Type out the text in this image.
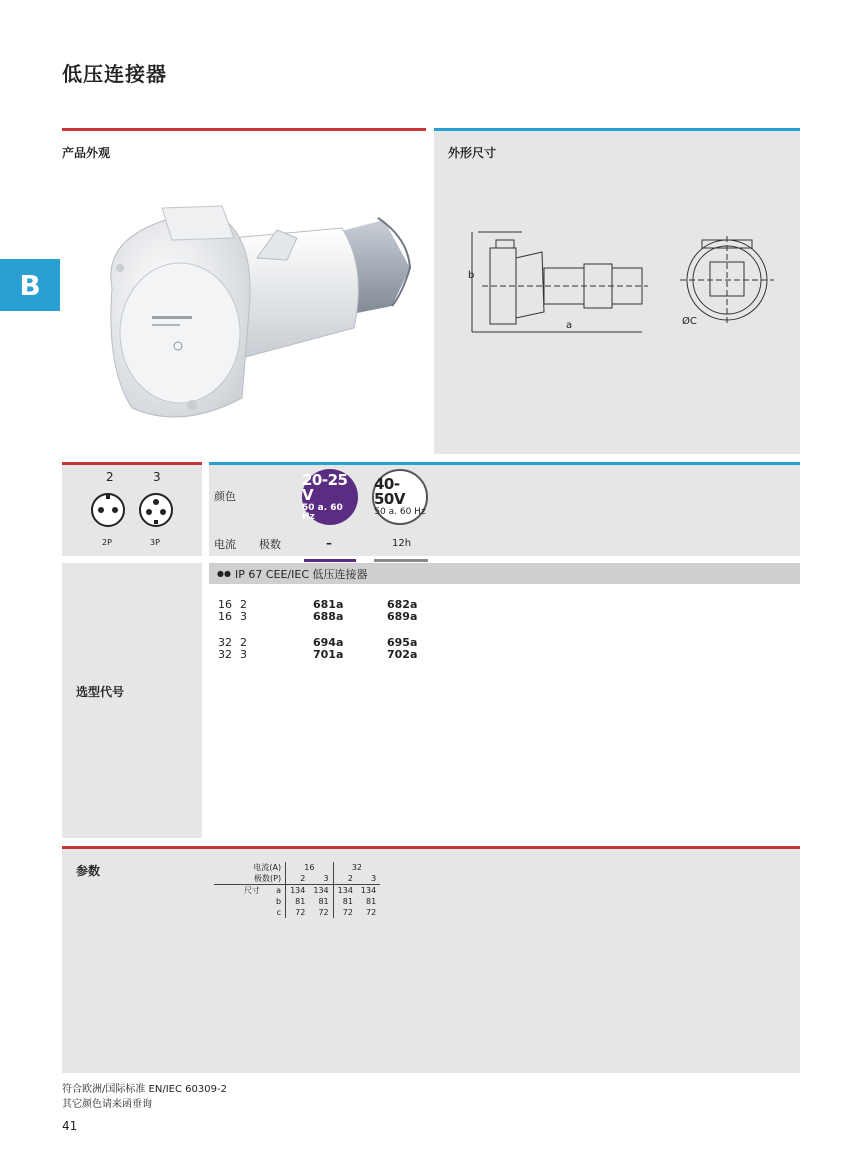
低压连接器
B
产品外观	外形尺寸
b
a	ØC
2	3
2P	3P
颜色
20-25 V
50 a. 60 Hz
40-50V
50 a. 60 Hz
电流 极数	–	12h
选型代号
●● IP 67 CEE/IEC 低压连接器
16 2	681a	682a
16 3	688a	689a
32 2	694a	695a
32 3	701a	702a
参数	电流(A)		16		32	
极数(P)		2	3	2	3
尺寸	a	134	134	134	134
	b	81	81	81	81
	c	72	72	72	72
符合欧洲/国际标准 EN/IEC 60309-2
其它颜色请来函垂询
41
